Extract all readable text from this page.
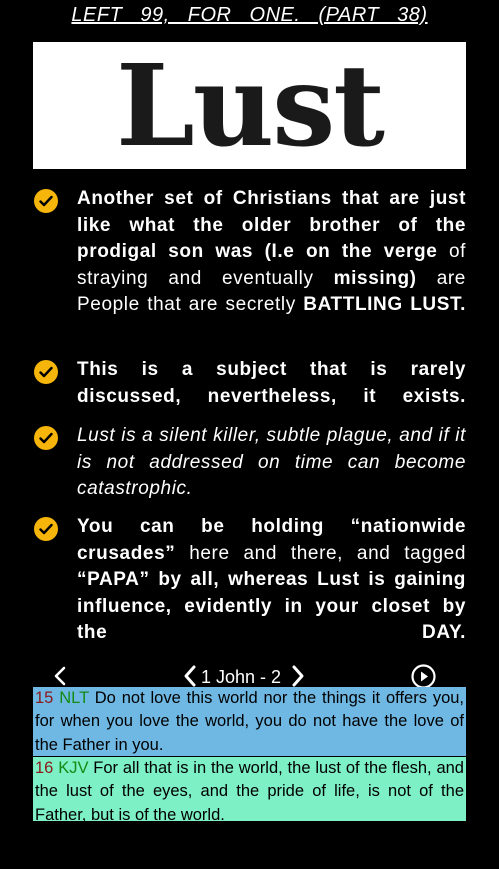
LEFT 99, FOR ONE. (PART 38)
Lust
Another set of Christians that are just like what the older brother of the prodigal son was (I.e on the verge of straying and eventually missing) are People that are secretly BATTLING LUST.
This is a subject that is rarely discussed, nevertheless, it exists.
Lust is a silent killer, subtle plague, and if it is not addressed on time can become catastrophic.
You can be holding “nationwide crusades” here and there, and tagged “PAPA” by all, whereas Lust is gaining influence, evidently in your closet by the DAY.
1 John - 2
15 NLT Do not love this world nor the things it offers you, for when you love the world, you do not have the love of the Father in you.
16 KJV For all that is in the world, the lust of the flesh, and the lust of the eyes, and the pride of life, is not of the Father, but is of the world.
